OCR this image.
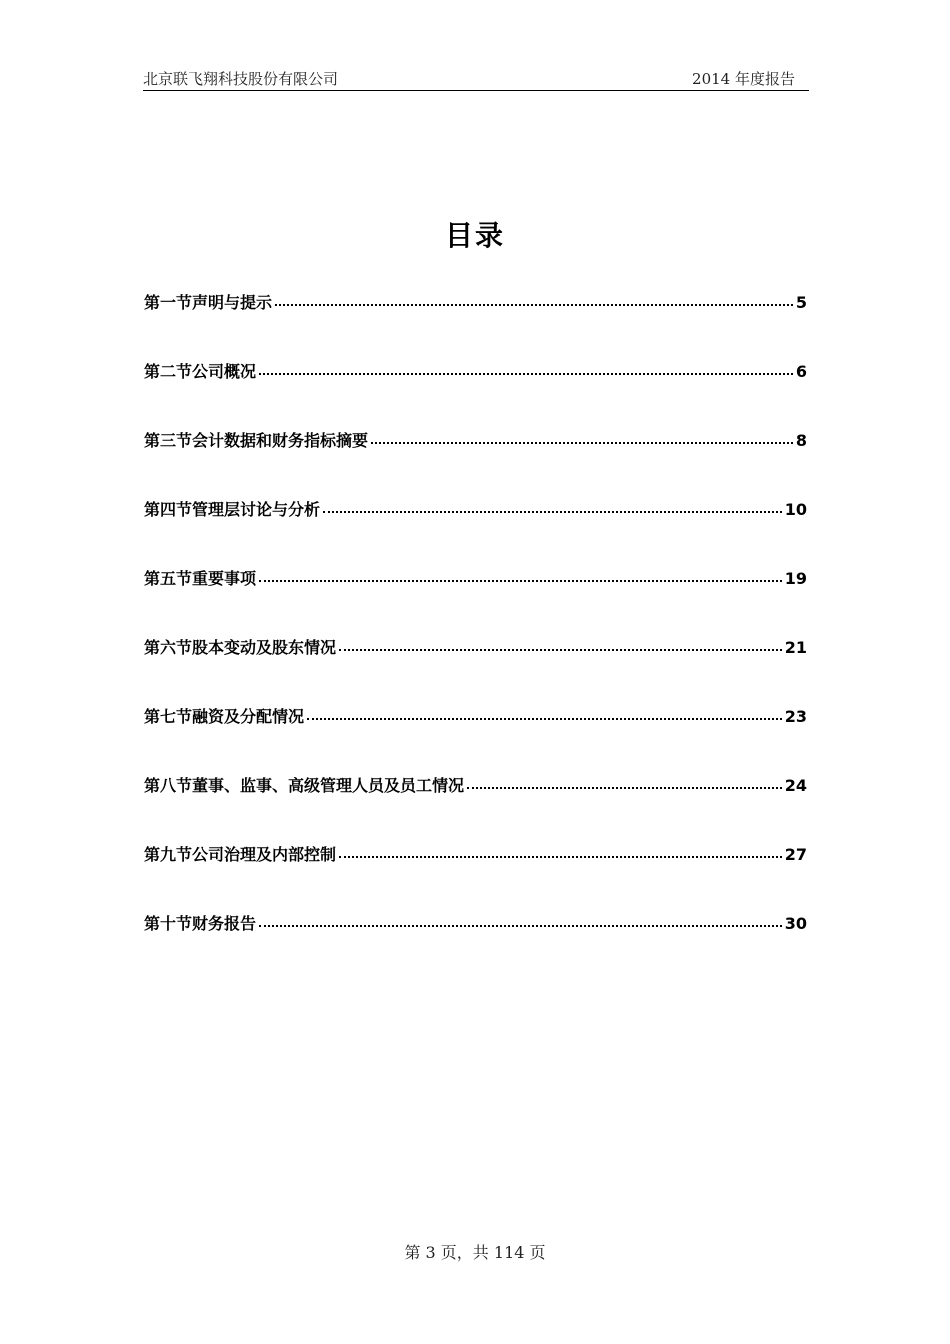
北京联飞翔科技股份有限公司	2014 年度报告
目录
第一节声明与提示	5
第二节公司概况	6
第三节会计数据和财务指标摘要	8
第四节管理层讨论与分析	10
第五节重要事项	19
第六节股本变动及股东情况	21
第七节融资及分配情况	23
第八节董事、监事、高级管理人员及员工情况	24
第九节公司治理及内部控制	27
第十节财务报告	30
第 3 页，共 114 页
